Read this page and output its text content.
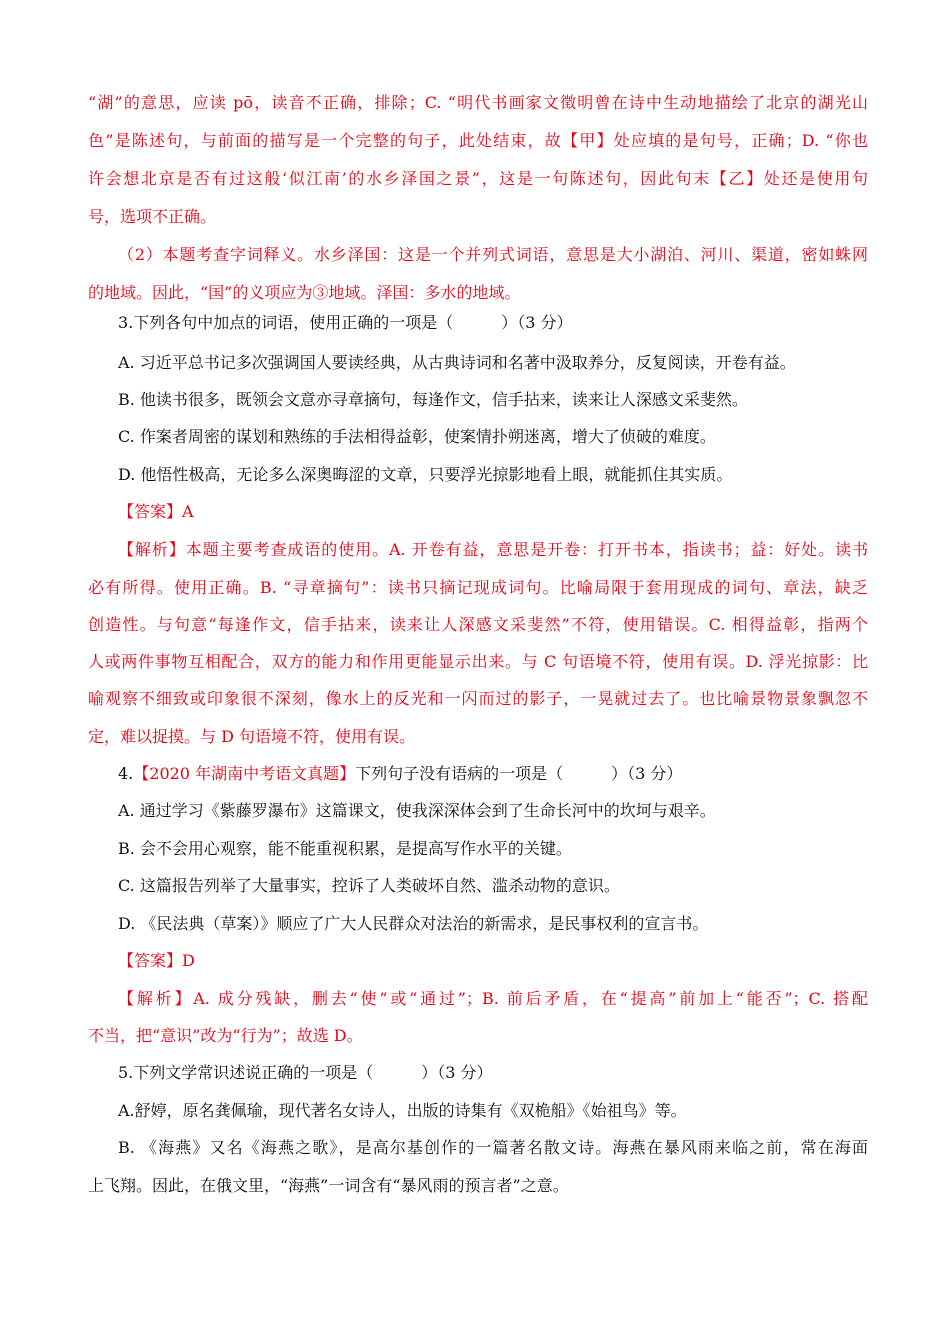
“湖”的意思，应读 pō，读音不正确，排除；C. “明代书画家文徵明曾在诗中生动地描绘了北京的湖光山
色”是陈述句，与前面的描写是一个完整的句子，此处结束，故【甲】处应填的是句号，正确；D. “你也
许会想北京是否有过这般‘似江南’的水乡泽国之景”，这是一句陈述句，因此句末【乙】处还是使用句
号，选项不正确。
（2）本题考查字词释义。水乡泽国：这是一个并列式词语，意思是大小湖泊、河川、渠道，密如蛛网
的地域。因此，“国”的义项应为③地域。泽国：多水的地域。
3.下列各句中加点的词语，使用正确的一项是（　　　）（3 分）
A. 习近平总书记多次强调国人要读经典，从古典诗词和名著中汲取养分，反复阅读，开卷有益。
B. 他读书很多，既领会文意亦寻章摘句，每逢作文，信手拈来，读来让人深感文采斐然。
C. 作案者周密的谋划和熟练的手法相得益彰，使案情扑朔迷离，增大了侦破的难度。
D. 他悟性极高，无论多么深奥晦涩的文章，只要浮光掠影地看上眼，就能抓住其实质。
【答案】A
【解析】本题主要考查成语的使用。A. 开卷有益，意思是开卷：打开书本，指读书；益：好处。读书
必有所得。使用正确。B. “寻章摘句”：读书只摘记现成词句。比喻局限于套用现成的词句、章法，缺乏
创造性。与句意“每逢作文，信手拈来，读来让人深感文采斐然”不符，使用错误。C. 相得益彰，指两个
人或两件事物互相配合，双方的能力和作用更能显示出来。与 C 句语境不符，使用有误。D. 浮光掠影：比
喻观察不细致或印象很不深刻，像水上的反光和一闪而过的影子，一晃就过去了。也比喻景物景象飘忽不
定，难以捉摸。与 D 句语境不符，使用有误。
4.【2020 年湖南中考语文真题】下列句子没有语病的一项是（　　　）（3 分）
A. 通过学习《紫藤罗瀑布》这篇课文，使我深深体会到了生命长河中的坎坷与艰辛。
B. 会不会用心观察，能不能重视积累，是提高写作水平的关键。
C. 这篇报告列举了大量事实，控诉了人类破坏自然、滥杀动物的意识。
D. 《民法典（草案）》顺应了广大人民群众对法治的新需求，是民事权利的宣言书。
【答案】D
【解析】A. 成分残缺，删去“使”或“通过”；B. 前后矛盾，在“提高”前加上“能否”；C. 搭配
不当，把“意识”改为“行为”；故选 D。
5.下列文学常识述说正确的一项是（　　　）（3 分）
A.舒婷，原名龚佩瑜，现代著名女诗人，出版的诗集有《双桅船》《始祖鸟》等。
B. 《海燕》又名《海燕之歌》，是高尔基创作的一篇著名散文诗。海燕在暴风雨来临之前，常在海面
上飞翔。因此，在俄文里，“海燕”一词含有“暴风雨的预言者”之意。
